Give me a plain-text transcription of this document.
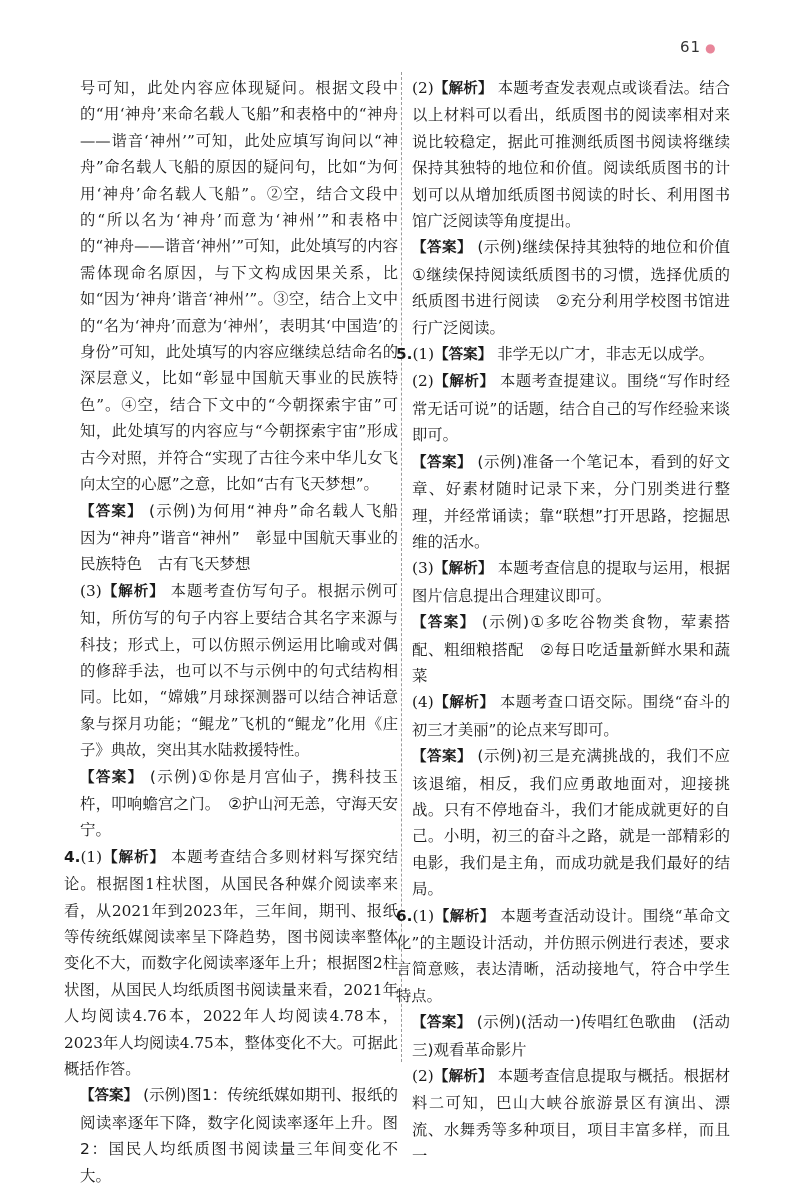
61 ●

号可知，此处内容应体现疑问。根据文段中的“用‘神舟’来命名载人飞船”和表格中的“神舟——谐音‘神州’”可知，此处应填写询问以“神舟”命名载人飞船的原因的疑问句，比如“为何用‘神舟’命名载人飞船”。②空，结合文段中的“所以名为‘神舟’而意为‘神州’”和表格中的“神舟——谐音‘神州’”可知，此处填写的内容需体现命名原因，与下文构成因果关系，比如“因为‘神舟’谐音‘神州’”。③空，结合上文中的“名为‘神舟’而意为‘神州’，表明其‘中国造’的身份”可知，此处填写的内容应继续总结命名的深层意义，比如“彰显中国航天事业的民族特色”。④空，结合下文中的“今朝探索宇宙”可知，此处填写的内容应与“今朝探索宇宙”形成古今对照，并符合“实现了古往今来中华儿女飞向太空的心愿”之意，比如“古有飞天梦想”。

【答案】 (示例)为何用“神舟”命名载人飞船　因为“神舟”谐音“神州”　彰显中国航天事业的民族特色　古有飞天梦想

(3)【解析】 本题考查仿写句子。根据示例可知，所仿写的句子内容上要结合其名字来源与科技；形式上，可以仿照示例运用比喻或对偶的修辞手法，也可以不与示例中的句式结构相同。比如，“嫦娥”月球探测器可以结合神话意象与探月功能；“鲲龙”飞机的“鲲龙”化用《庄子》典故，突出其水陆救援特性。

【答案】 (示例)①你是月宫仙子，携科技玉杵，叩响蟾宫之门。　②护山河无恙，守海天安宁。

4.(1)【解析】 本题考查结合多则材料写探究结论。根据图1柱状图，从国民各种媒介阅读率来看，从2021年到2023年，三年间，期刊、报纸等传统纸媒阅读率呈下降趋势，图书阅读率整体变化不大，而数字化阅读率逐年上升；根据图2柱状图，从国民人均纸质图书阅读量来看，2021年人均阅读4.76本，2022年人均阅读4.78本，2023年人均阅读4.75本，整体变化不大。可据此概括作答。

【答案】 (示例)图1：传统纸媒如期刊、报纸的阅读率逐年下降，数字化阅读率逐年上升。图2：国民人均纸质图书阅读量三年间变化不大。

(2)【解析】 本题考查发表观点或谈看法。结合以上材料可以看出，纸质图书的阅读率相对来说比较稳定，据此可推测纸质图书阅读将继续保持其独特的地位和价值。阅读纸质图书的计划可以从增加纸质图书阅读的时长、利用图书馆广泛阅读等角度提出。

【答案】 (示例)继续保持其独特的地位和价值　①继续保持阅读纸质图书的习惯，选择优质的纸质图书进行阅读　②充分利用学校图书馆进行广泛阅读。

5.(1)【答案】 非学无以广才，非志无以成学。

(2)【解析】 本题考查提建议。围绕“写作时经常无话可说”的话题，结合自己的写作经验来谈即可。

【答案】 (示例)准备一个笔记本，看到的好文章、好素材随时记录下来，分门别类进行整理，并经常诵读；靠“联想”打开思路，挖掘思维的活水。

(3)【解析】 本题考查信息的提取与运用，根据图片信息提出合理建议即可。

【答案】 (示例)①多吃谷物类食物，荤素搭配、粗细粮搭配　②每日吃适量新鲜水果和蔬菜

(4)【解析】 本题考查口语交际。围绕“奋斗的初三才美丽”的论点来写即可。

【答案】 (示例)初三是充满挑战的，我们不应该退缩，相反，我们应勇敢地面对，迎接挑战。只有不停地奋斗，我们才能成就更好的自己。小明，初三的奋斗之路，就是一部精彩的电影，我们是主角，而成功就是我们最好的结局。

6.(1)【解析】 本题考查活动设计。围绕“革命文化”的主题设计活动，并仿照示例进行表述，要求言简意赅，表达清晰，活动接地气，符合中学生特点。

【答案】 (示例)(活动一)传唱红色歌曲　(活动三)观看革命影片

(2)【解析】 本题考查信息提取与概括。根据材料二可知，巴山大峡谷旅游景区有演出、漂流、水舞秀等多种项目，项目丰富多样，而且一
